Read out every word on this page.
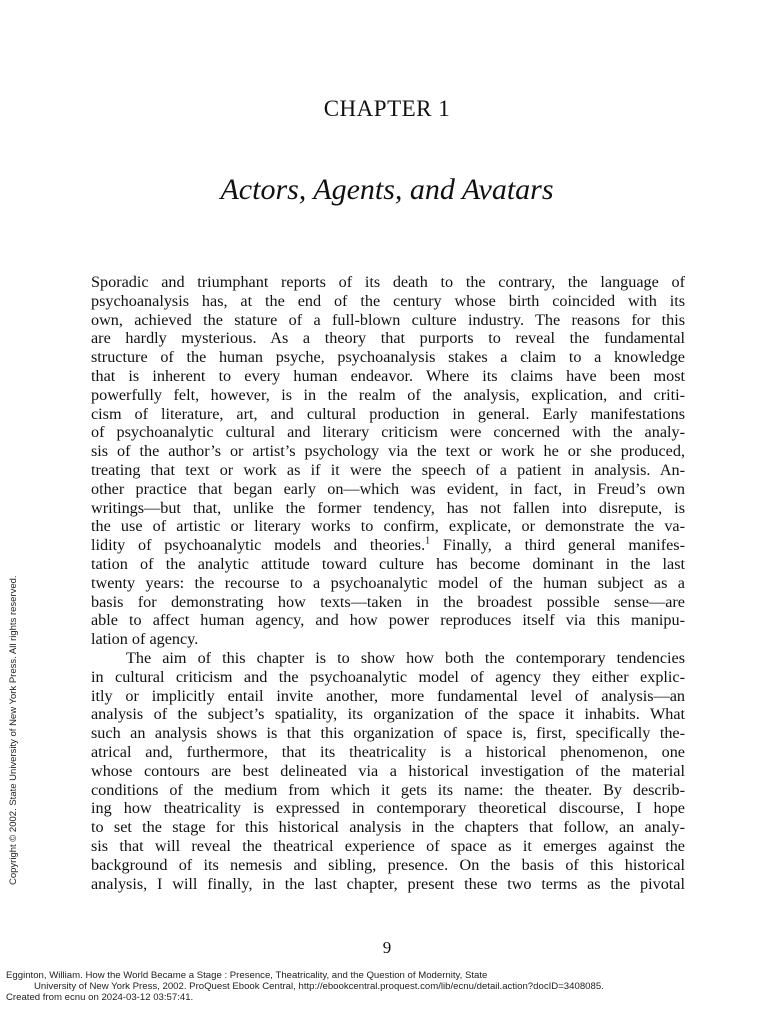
CHAPTER 1
Actors, Agents, and Avatars
Sporadic and triumphant reports of its death to the contrary, the language of
psychoanalysis has, at the end of the century whose birth coincided with its
own, achieved the stature of a full-blown culture industry. The reasons for this
are hardly mysterious. As a theory that purports to reveal the fundamental
structure of the human psyche, psychoanalysis stakes a claim to a knowledge
that is inherent to every human endeavor. Where its claims have been most
powerfully felt, however, is in the realm of the analysis, explication, and criti-
cism of literature, art, and cultural production in general. Early manifestations
of psychoanalytic cultural and literary criticism were concerned with the analy-
sis of the author’s or artist’s psychology via the text or work he or she produced,
treating that text or work as if it were the speech of a patient in analysis. An-
other practice that began early on—which was evident, in fact, in Freud’s own
writings—but that, unlike the former tendency, has not fallen into disrepute, is
the use of artistic or literary works to confirm, explicate, or demonstrate the va-
lidity of psychoanalytic models and theories.$^1$ Finally, a third general manifes-
tation of the analytic attitude toward culture has become dominant in the last
twenty years: the recourse to a psychoanalytic model of the human subject as a
basis for demonstrating how texts—taken in the broadest possible sense—are
able to affect human agency, and how power reproduces itself via this manipu-
lation of agency.
The aim of this chapter is to show how both the contemporary tendencies
in cultural criticism and the psychoanalytic model of agency they either explic-
itly or implicitly entail invite another, more fundamental level of analysis—an
analysis of the subject’s spatiality, its organization of the space it inhabits. What
such an analysis shows is that this organization of space is, first, specifically the-
atrical and, furthermore, that its theatricality is a historical phenomenon, one
whose contours are best delineated via a historical investigation of the material
conditions of the medium from which it gets its name: the theater. By describ-
ing how theatricality is expressed in contemporary theoretical discourse, I hope
to set the stage for this historical analysis in the chapters that follow, an analy-
sis that will reveal the theatrical experience of space as it emerges against the
background of its nemesis and sibling, presence. On the basis of this historical
analysis, I will finally, in the last chapter, present these two terms as the pivotal
9
Copyright © 2002. State University of New York Press. All rights reserved.
Egginton, William. How the World Became a Stage : Presence, Theatricality, and the Question of Modernity, State
University of New York Press, 2002. ProQuest Ebook Central, http://ebookcentral.proquest.com/lib/ecnu/detail.action?docID=3408085.
Created from ecnu on 2024-03-12 03:57:41.
